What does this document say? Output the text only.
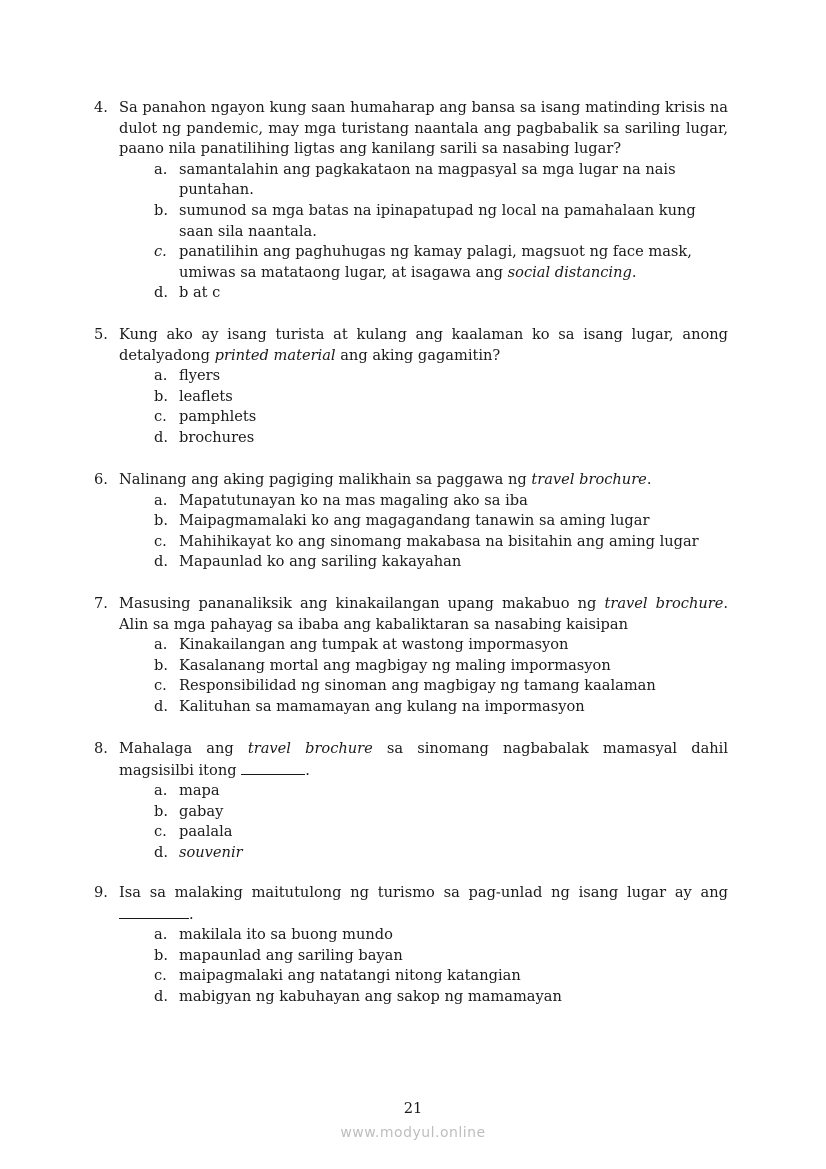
4. Sa panahon ngayon kung saan humaharap ang bansa sa isang matinding krisis na dulot ng pandemic, may mga turistang naantala ang pagbabalik sa sariling lugar, paano nila panatilihing ligtas ang kanilang sarili sa nasabing lugar?
a. samantalahin ang pagkakataon na magpasyal sa mga lugar na nais puntahan.
b. sumunod sa mga batas na ipinapatupad ng local na pamahalaan kung saan sila naantala.
c. panatilihin ang paghuhugas ng kamay palagi, magsuot ng face mask, umiwas sa matataong lugar, at isagawa ang social distancing.
d. b at c
5. Kung ako ay isang turista at kulang ang kaalaman ko sa isang lugar, anong detalyadong printed material ang aking gagamitin?
a. flyers
b. leaflets
c. pamphlets
d. brochures
6. Nalinang ang aking pagiging malikhain sa paggawa ng travel brochure.
a. Mapatutunayan ko na mas magaling ako sa iba
b. Maipagmamalaki ko ang magagandang tanawin sa aming lugar
c. Mahihikayat ko ang sinomang makabasa na bisitahin ang aming lugar
d. Mapaunlad ko ang sariling kakayahan
7. Masusing pananaliksik ang kinakailangan upang makabuo ng travel brochure. Alin sa mga pahayag sa ibaba ang kabaliktaran sa nasabing kaisipan
a. Kinakailangan ang tumpak at wastong impormasyon
b. Kasalanang mortal ang magbigay ng maling impormasyon
c. Responsibilidad ng sinoman ang magbigay ng tamang kaalaman
d. Kalituhan sa mamamayan ang kulang na impormasyon
8. Mahalaga ang travel brochure sa sinomang nagbabalak mamasyal dahil magsisilbi itong	.
a. mapa
b. gabay
c. paalala
d. souvenir
9. Isa sa malaking maitutulong ng turismo sa pag-unlad ng isang lugar ay ang
.
a. makilala ito sa buong mundo
b. mapaunlad ang sariling bayan
c. maipagmalaki ang natatangi nitong katangian
d. mabigyan ng kabuhayan ang sakop ng mamamayan
21
www.modyul.online
